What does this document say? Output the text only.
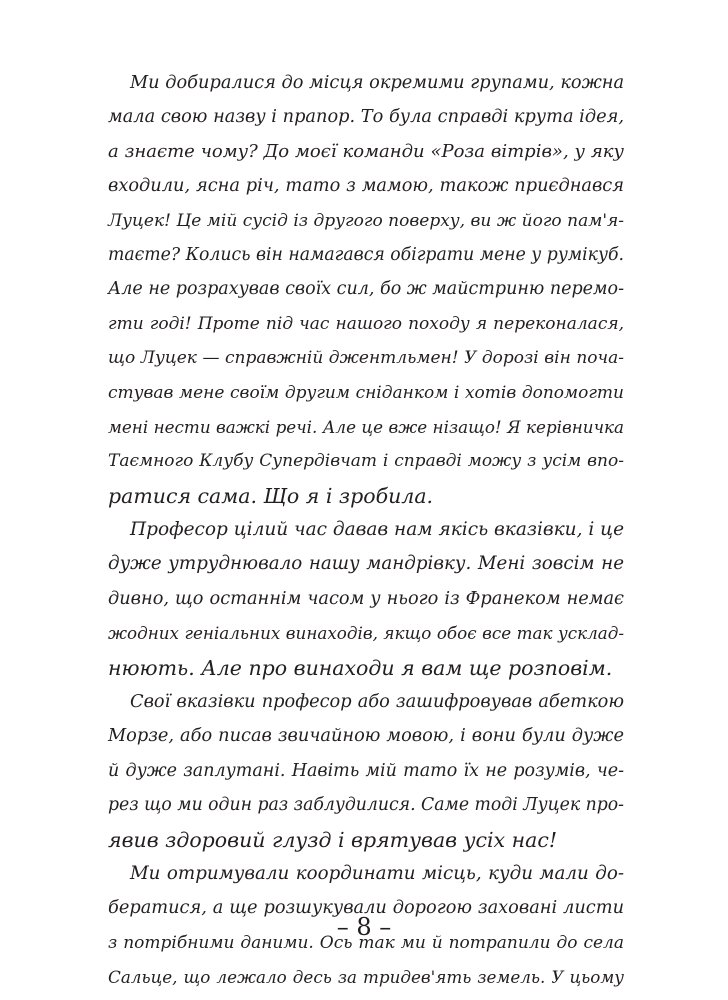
Ми добиралися до місця окремими групами, кожна
мала свою назву і прапор. То була справді крута ідея,
а знаєте чому? До моєї команди «Роза вітрів», у яку
входили, ясна річ, тато з мамою, також приєднався
Луцек! Це мій сусід із другого поверху, ви ж його пам'я-
таєте? Колись він намагався обіграти мене у румікуб.
Але не розрахував своїх сил, бо ж майстриню перемо-
гти годі! Проте під час нашого походу я переконалася,
що Луцек — справжній джентльмен! У дорозі він поча-
стував мене своїм другим сніданком і хотів допомогти
мені нести важкі речі. Але це вже нізащо! Я керівничка
Таємного Клубу Супердівчат і справді можу з усім впо-
ратися сама. Що я і зробила.
Професор цілий час давав нам якісь вказівки, і це
дуже утруднювало нашу мандрівку. Мені зовсім не
дивно, що останнім часом у нього із Франеком немає
жодних геніальних винаходів, якщо обоє все так усклад-
нюють. Але про винаходи я вам ще розповім.
Свої вказівки професор або зашифровував абеткою
Морзе, або писав звичайною мовою, і вони були дуже
й дуже заплутані. Навіть мій тато їх не розумів, че-
рез що ми один раз заблудилися. Саме тоді Луцек про-
явив здоровий глузд і врятував усіх нас!
Ми отримували координати місць, куди мали до-
бератися, а ще розшукували дорогою заховані листи
з потрібними даними. Ось так ми й потрапили до села
Сальце, що лежало десь за тридев'ять земель. У цьому
– 8 –
